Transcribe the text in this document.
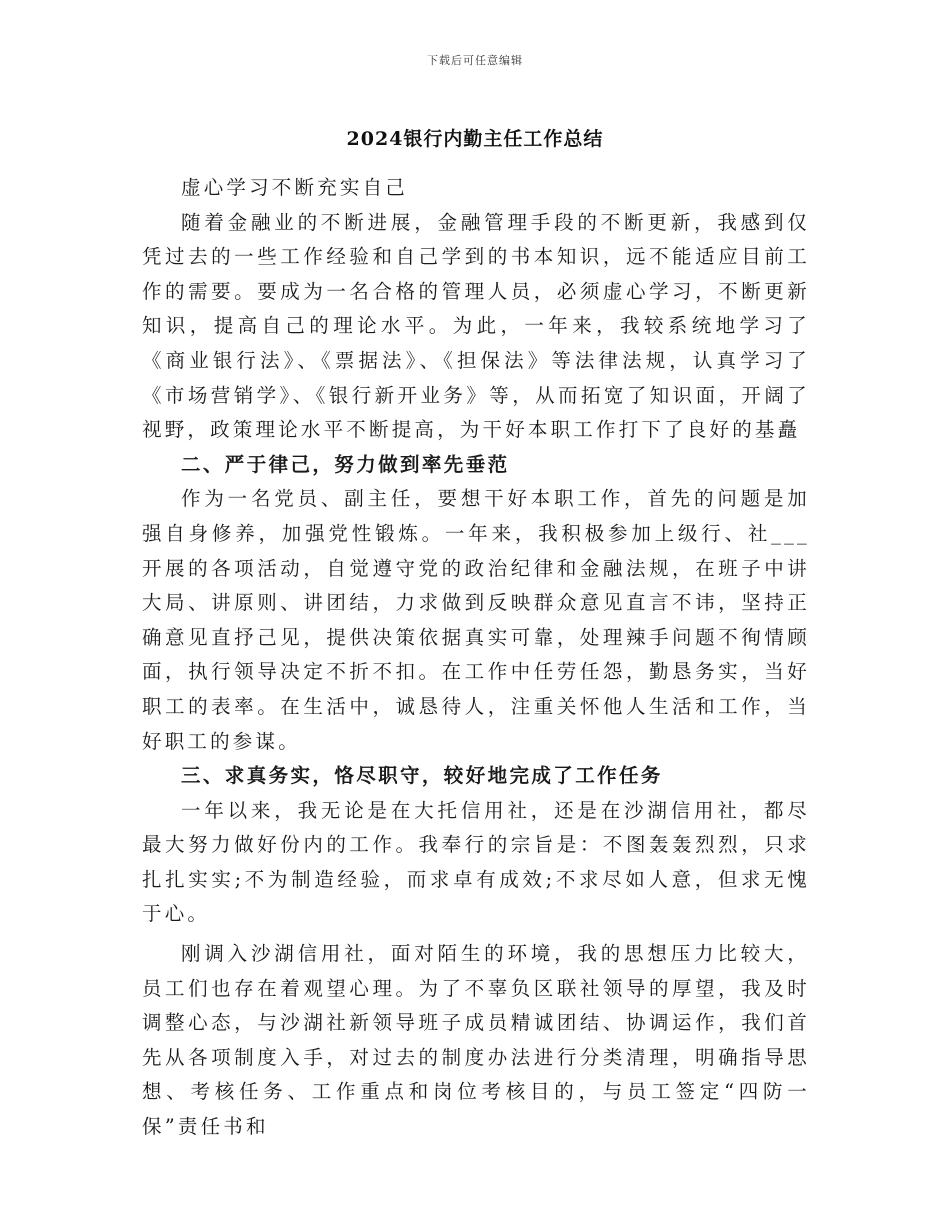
下载后可任意编辑
2024银行内勤主任工作总结

虚心学习不断充实自己

随着金融业的不断进展，金融管理手段的不断更新，我感到仅凭过去的一些工作经验和自己学到的书本知识，远不能适应目前工作的需要。要成为一名合格的管理人员，必须虚心学习，不断更新知识，提高自己的理论水平。为此，一年来，我较系统地学习了《商业银行法》、《票据法》、《担保法》等法律法规，认真学习了《市场营销学》、《银行新开业务》等，从而拓宽了知识面，开阔了视野，政策理论水平不断提高，为干好本职工作打下了良好的基矗

二、严于律己，努力做到率先垂范

作为一名党员、副主任，要想干好本职工作，首先的问题是加强自身修养，加强党性锻炼。一年来，我积极参加上级行、社___开展的各项活动，自觉遵守党的政治纪律和金融法规，在班子中讲大局、讲原则、讲团结，力求做到反映群众意见直言不讳，坚持正确意见直抒己见，提供决策依据真实可靠，处理辣手问题不徇情顾面，执行领导决定不折不扣。在工作中任劳任怨，勤恳务实，当好职工的表率。在生活中，诚恳待人，注重关怀他人生活和工作，当好职工的参谋。

三、求真务实，恪尽职守，较好地完成了工作任务

一年以来，我无论是在大托信用社，还是在沙湖信用社，都尽最大努力做好份内的工作。我奉行的宗旨是：不图轰轰烈烈，只求扎扎实实;不为制造经验，而求卓有成效;不求尽如人意，但求无愧于心。

刚调入沙湖信用社，面对陌生的环境，我的思想压力比较大，员工们也存在着观望心理。为了不辜负区联社领导的厚望，我及时调整心态，与沙湖社新领导班子成员精诚团结、协调运作，我们首先从各项制度入手，对过去的制度办法进行分类清理，明确指导思想、考核任务、工作重点和岗位考核目的，与员工签定“四防一保”责任书和
